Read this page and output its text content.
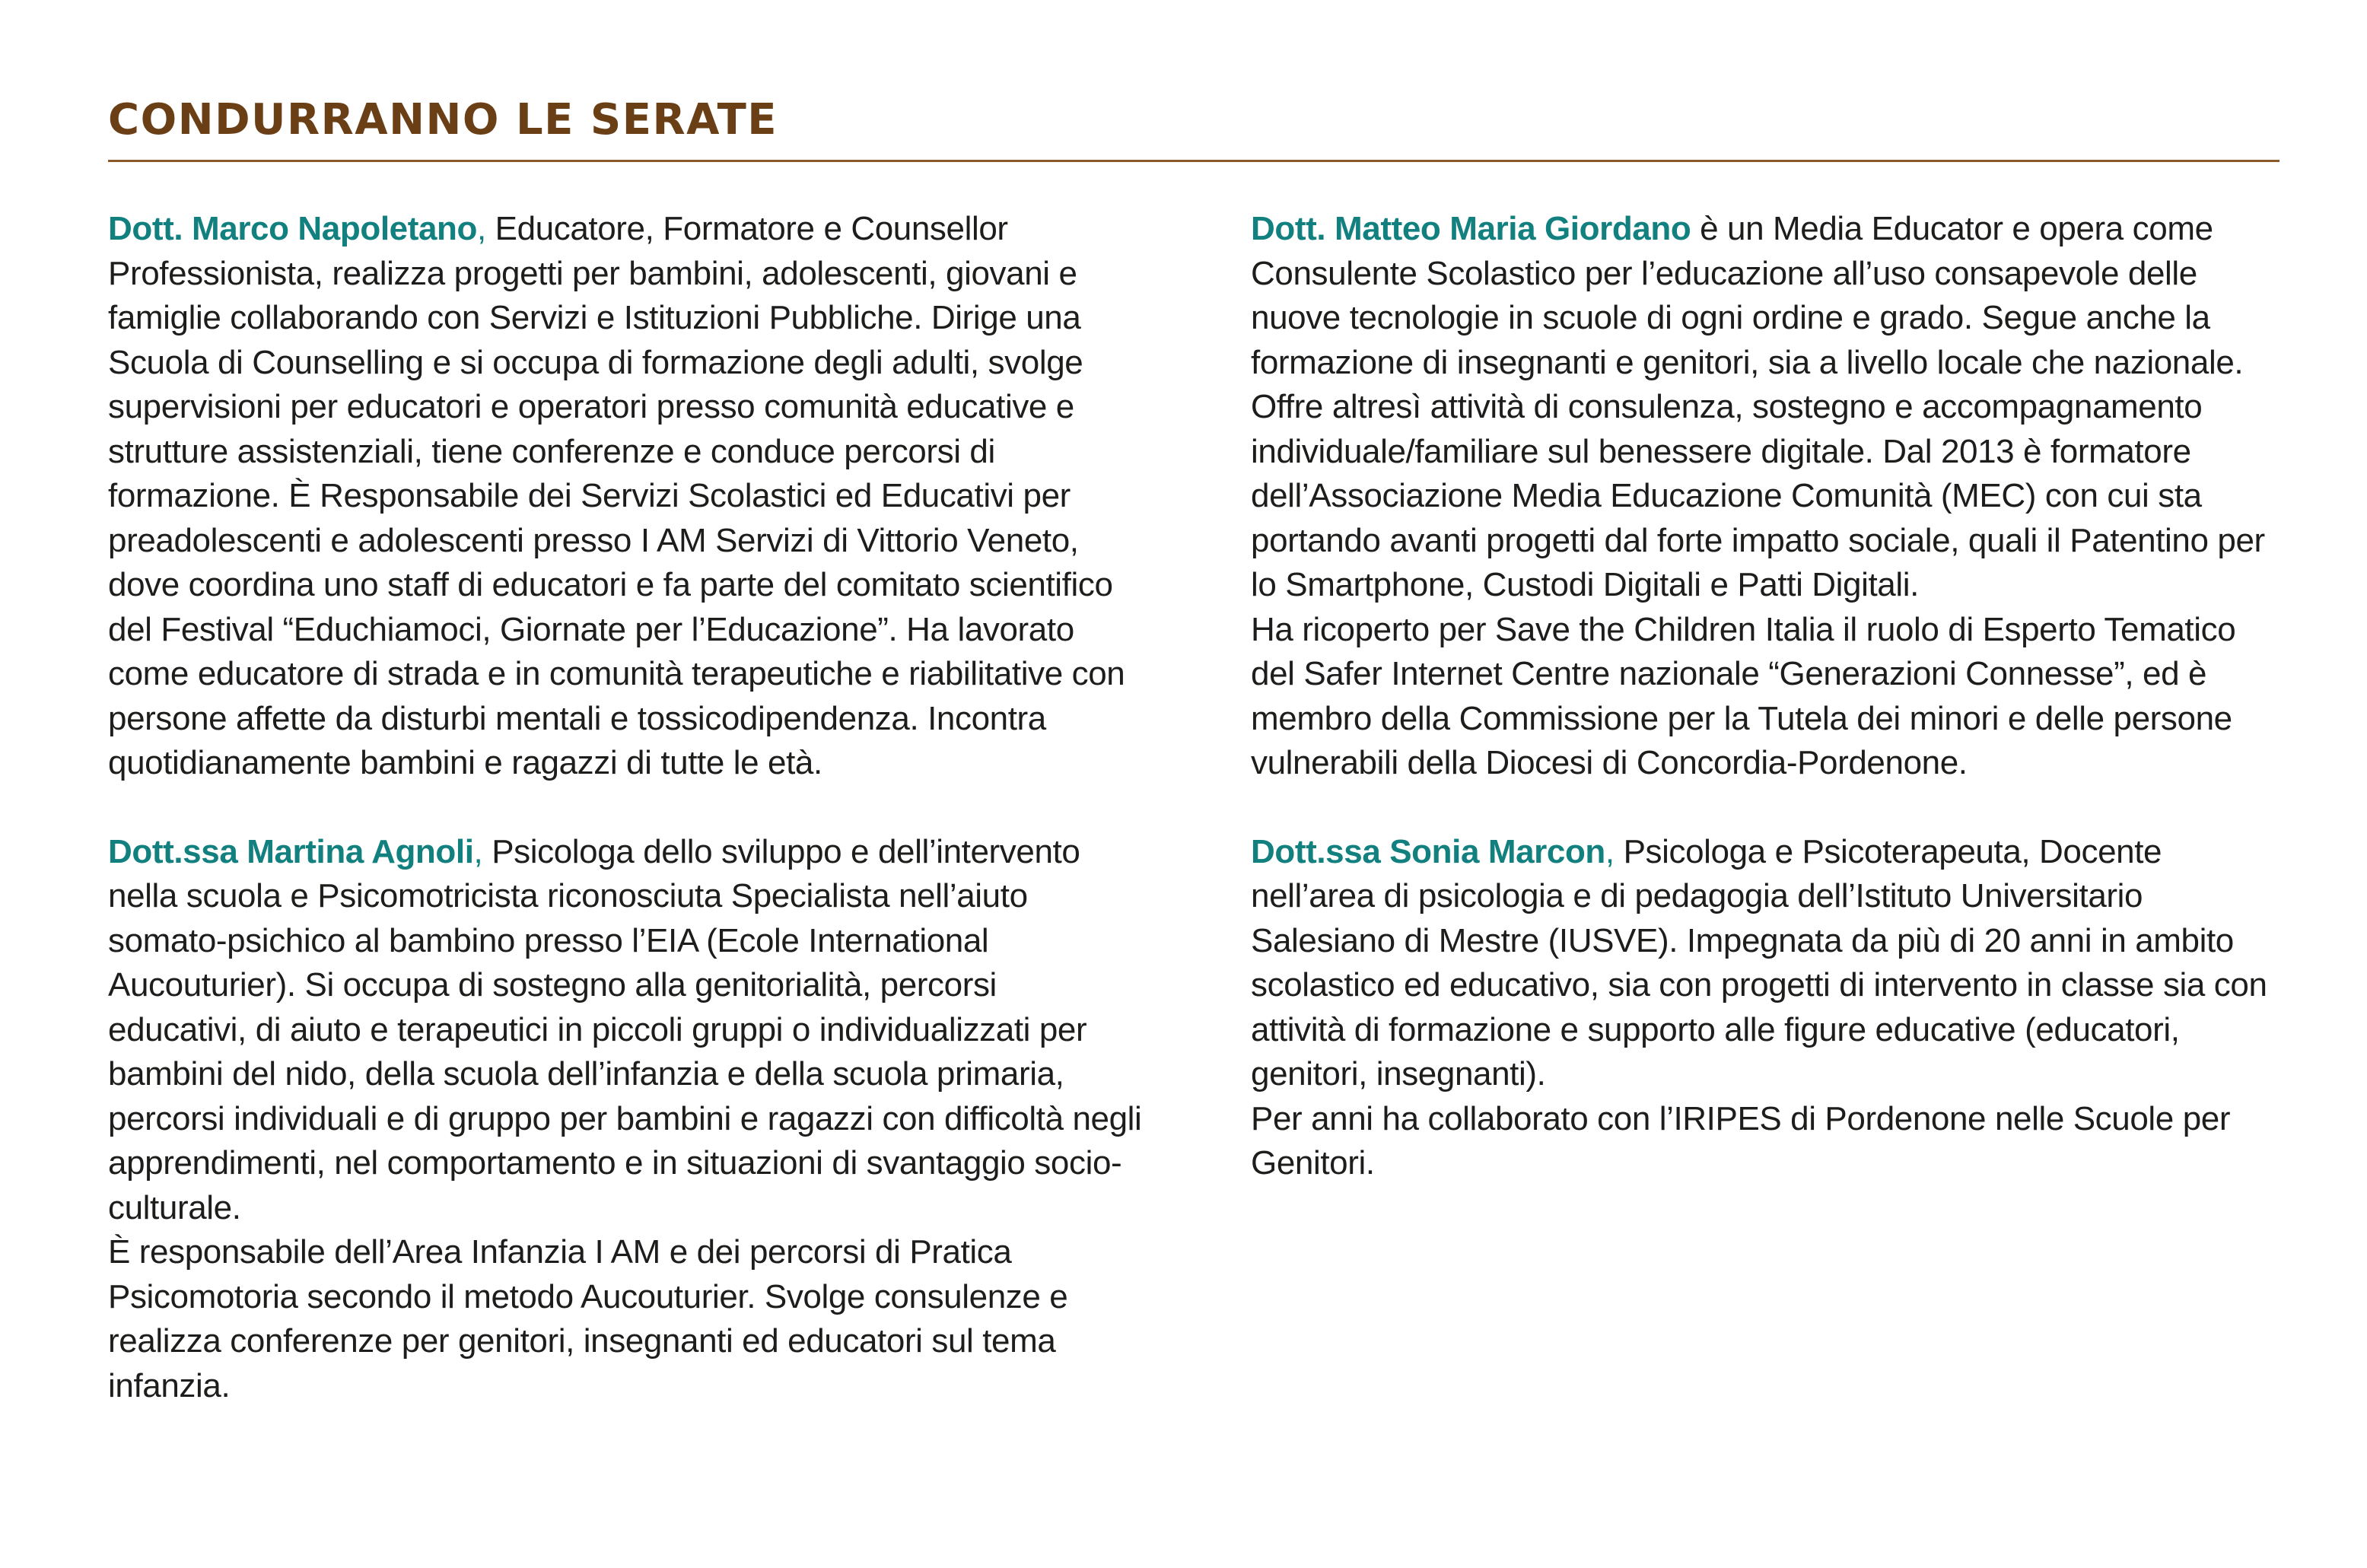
CONDURRANNO LE SERATE

Dott. Marco Napoletano, Educatore, Formatore e Counsellor Professionista, realizza progetti per bambini, adolescenti, giovani e famiglie collaborando con Servizi e Istituzioni Pubbliche. Dirige una Scuola di Counselling e si occupa di formazione degli adulti, svolge supervisioni per educatori e operatori presso comunità educative e strutture assistenziali, tiene conferenze e conduce percorsi di formazione. È Responsabile dei Servizi Scolastici ed Educativi per preadolescenti e adolescenti presso I AM Servizi di Vittorio Veneto, dove coordina uno staff di educatori e fa parte del comitato scientifico del Festival “Educhiamoci, Giornate per l’Educazione”. Ha lavorato come educatore di strada e in comunità terapeutiche e riabilitative con persone affette da disturbi mentali e tossicodipendenza. Incontra quotidianamente bambini e ragazzi di tutte le età.

Dott.ssa Martina Agnoli, Psicologa dello sviluppo e dell’intervento nella scuola e Psicomotricista riconosciuta Specialista nell’aiuto somato-psichico al bambino presso l’EIA (Ecole International Aucouturier). Si occupa di sostegno alla genitorialità, percorsi educativi, di aiuto e terapeutici in piccoli gruppi o individualizzati per bambini del nido, della scuola dell’infanzia e della scuola primaria, percorsi individuali e di gruppo per bambini e ragazzi con difficoltà negli apprendimenti, nel comportamento e in situazioni di svantaggio socio-culturale.

È responsabile dell’Area Infanzia I AM e dei percorsi di Pratica Psicomotoria secondo il metodo Aucouturier. Svolge consulenze e realizza conferenze per genitori, insegnanti ed educatori sul tema infanzia.

Dott. Matteo Maria Giordano è un Media Educator e opera come Consulente Scolastico per l’educazione all’uso consapevole delle nuove tecnologie in scuole di ogni ordine e grado. Segue anche la formazione di insegnanti e genitori, sia a livello locale che nazionale. Offre altresì attività di consulenza, sostegno e accompagnamento individuale/familiare sul benessere digitale. Dal 2013 è formatore dell’Associazione Media Educazione Comunità (MEC) con cui sta portando avanti progetti dal forte impatto sociale, quali il Patentino per lo Smartphone, Custodi Digitali e Patti Digitali.

Ha ricoperto per Save the Children Italia il ruolo di Esperto Tematico del Safer Internet Centre nazionale “Generazioni Connesse”, ed è membro della Commissione per la Tutela dei minori e delle persone vulnerabili della Diocesi di Concordia-Pordenone.

Dott.ssa Sonia Marcon, Psicologa e Psicoterapeuta, Docente nell’area di psicologia e di pedagogia dell’Istituto Universitario Salesiano di Mestre (IUSVE). Impegnata da più di 20 anni in ambito scolastico ed educativo, sia con progetti di intervento in classe sia con attività di formazione e supporto alle figure educative (educatori, genitori, insegnanti).

Per anni ha collaborato con l’IRIPES di Pordenone nelle Scuole per Genitori.
